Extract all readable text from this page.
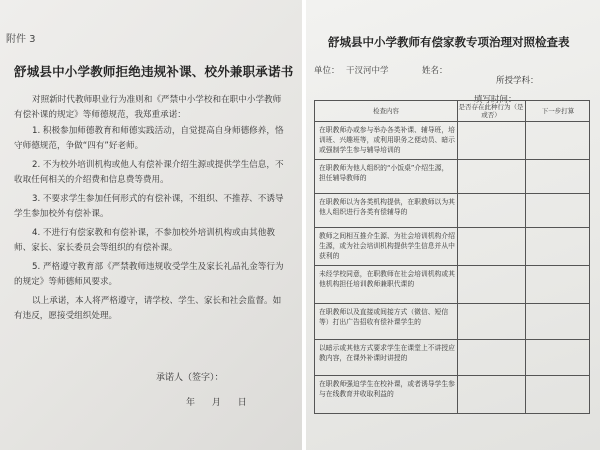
附件 3
舒城县中小学教师拒绝违规补课、校外兼职承诺书
对照新时代教师职业行为准则和《严禁中小学校和在职中小学教师有偿补课的规定》等师德规范，我郑重承诺：
1. 积极参加师德教育和师德实践活动，自觉提高自身师德修养，恪守师德规范，争做“四有”好老师。
2. 不为校外培训机构或他人有偿补课介绍生源或提供学生信息，不收取任何相关的介绍费和信息费等费用。
3. 不要求学生参加任何形式的有偿补课，不组织、不推荐、不诱导学生参加校外有偿补课。
4. 不进行有偿家教和有偿补课，不参加校外培训机构或由其他教师、家长、家长委员会等组织的有偿补课。
5. 严格遵守教育部《严禁教师违规收受学生及家长礼品礼金等行为的规定》等师德师风要求。
以上承诺，本人将严格遵守，请学校、学生、家长和社会监督。如有违反，愿接受组织处理。
承诺人（签字）：
年 月 日
舒城县中小学教师有偿家教专项治理对照检查表
单位： 干汊河中学	姓名：
所授学科：
填写时间：
检查内容	是否存在此种行为（是或否）	下一步打算
在职教师办或参与举办各类补课、辅导班，培训班、兴趣班等，或利用职务之便动员、暗示或强制学生参与辅导培训的
在职教师为他人组织的“小饭桌”介绍生源，担任辅导教师的
在职教师以为各类机构提供，在职教师以为其他人组织进行各类有偿辅导的
教师之间相互推介生源、为社会培训机构介绍生源，或为社会培训机构提供学生信息并从中获利的
未经学校同意，在职教师在社会培训机构或其他机构担任培训教师兼职代课的
在职教师以及直接或间接方式（微信、短信等）打出广告招收有偿补课学生的
以暗示或其他方式要求学生在课堂上不讲授应教内容，在课外补课时讲授的
在职教师强迫学生在校补课，或者诱导学生参与在线教育并收取利益的
